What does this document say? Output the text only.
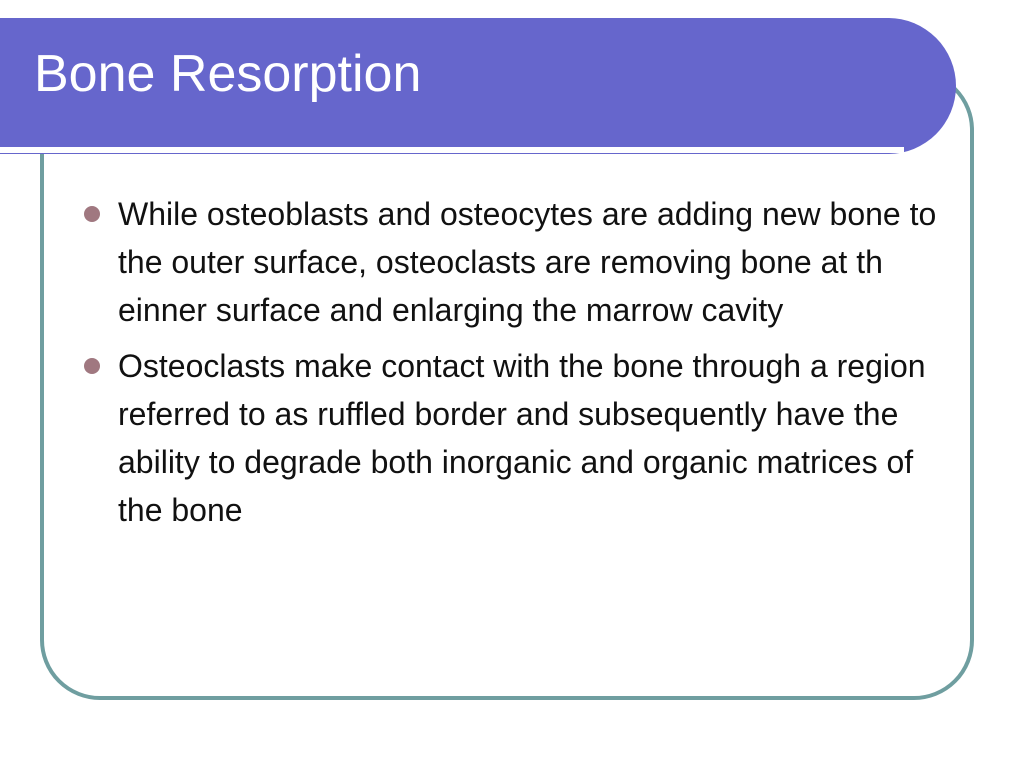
Bone Resorption
While osteoblasts and osteocytes are adding new bone to the outer surface, osteoclasts are removing bone at th einner surface and enlarging the marrow cavity
Osteoclasts make contact with the bone through a region referred to as ruffled border and subsequently have the ability to degrade both inorganic and organic matrices of the bone
